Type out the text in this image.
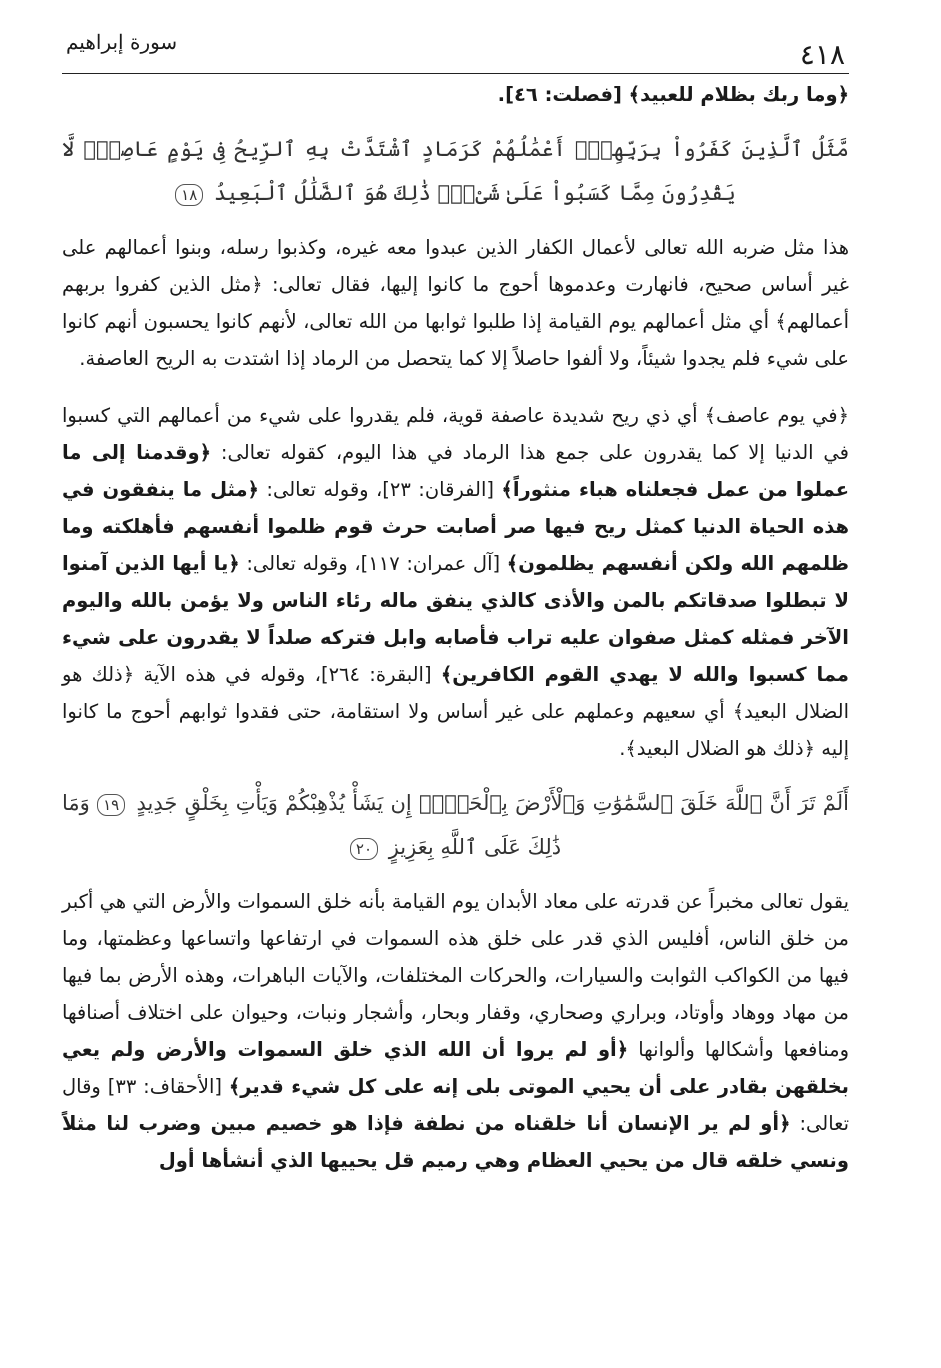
٤١٨
سورة إبراهيم

﴿وما ربك بظلام للعبيد﴾ [فصلت: ٤٦].

مَّثَلُ ٱلَّذِينَ كَفَرُواْ بِرَبِّهِمْۖ أَعْمَٰلُهُمْ كَرَمَادٍ ٱشْتَدَّتْ بِهِ ٱلرِّيحُ فِى يَوْمٍ عَاصِفٍۖ لَّا يَقْدِرُونَ مِمَّا كَسَبُواْ عَلَىٰ شَىْءٍۚ ذَٰلِكَ هُوَ ٱلضَّلَٰلُ ٱلْبَعِيدُ ١٨

هذا مثل ضربه الله تعالى لأعمال الكفار الذين عبدوا معه غيره، وكذبوا رسله، وبنوا أعمالهم على غير أساس صحيح، فانهارت وعدموها أحوج ما كانوا إليها، فقال تعالى: ﴿مثل الذين كفروا بربهم أعمالهم﴾ أي مثل أعمالهم يوم القيامة إذا طلبوا ثوابها من الله تعالى، لأنهم كانوا يحسبون أنهم كانوا على شيء فلم يجدوا شيئاً، ولا ألفوا حاصلاً إلا كما يتحصل من الرماد إذا اشتدت به الريح العاصفة.

﴿في يوم عاصف﴾ أي ذي ريح شديدة عاصفة قوية، فلم يقدروا على شيء من أعمالهم التي كسبوا في الدنيا إلا كما يقدرون على جمع هذا الرماد في هذا اليوم، كقوله تعالى: ﴿وقدمنا إلى ما عملوا من عمل فجعلناه هباء منثوراً﴾ [الفرقان: ٢٣]، وقوله تعالى: ﴿مثل ما ينفقون في هذه الحياة الدنيا كمثل ريح فيها صر أصابت حرث قوم ظلموا أنفسهم فأهلكته وما ظلمهم الله ولكن أنفسهم يظلمون﴾ [آل عمران: ١١٧]، وقوله تعالى: ﴿يا أيها الذين آمنوا لا تبطلوا صدقاتكم بالمن والأذى كالذي ينفق ماله رئاء الناس ولا يؤمن بالله واليوم الآخر فمثله كمثل صفوان عليه تراب فأصابه وابل فتركه صلداً لا يقدرون على شيء مما كسبوا والله لا يهدي القوم الكافرين﴾ [البقرة: ٢٦٤]، وقوله في هذه الآية ﴿ذلك هو الضلال البعيد﴾ أي سعيهم وعملهم على غير أساس ولا استقامة، حتى فقدوا ثوابهم أحوج ما كانوا إليه ﴿ذلك هو الضلال البعيد﴾.

أَلَمْ تَرَ أَنَّ ٱللَّهَ خَلَقَ ٱلسَّمَٰوَٰتِ وَٱلْأَرْضَ بِٱلْحَقِّۚ إِن يَشَأْ يُذْهِبْكُمْ وَيَأْتِ بِخَلْقٍ جَدِيدٍ ١٩ وَمَا ذَٰلِكَ عَلَى ٱللَّهِ بِعَزِيزٍ ٢٠

يقول تعالى مخبراً عن قدرته على معاد الأبدان يوم القيامة بأنه خلق السموات والأرض التي هي أكبر من خلق الناس، أفليس الذي قدر على خلق هذه السموات في ارتفاعها واتساعها وعظمتها، وما فيها من الكواكب الثوابت والسيارات، والحركات المختلفات، والآيات الباهرات، وهذه الأرض بما فيها من مهاد ووهاد وأوتاد، وبراري وصحاري، وقفار وبحار، وأشجار ونبات، وحيوان على اختلاف أصنافها ومنافعها وأشكالها وألوانها ﴿أو لم يروا أن الله الذي خلق السموات والأرض ولم يعي بخلقهن بقادر على أن يحيي الموتى بلى إنه على كل شيء قدير﴾ [الأحقاف: ٣٣] وقال تعالى: ﴿أو لم ير الإنسان أنا خلقناه من نطفة فإذا هو خصيم مبين وضرب لنا مثلاً ونسي خلقه قال من يحيي العظام وهي رميم قل يحييها الذي أنشأها أول
